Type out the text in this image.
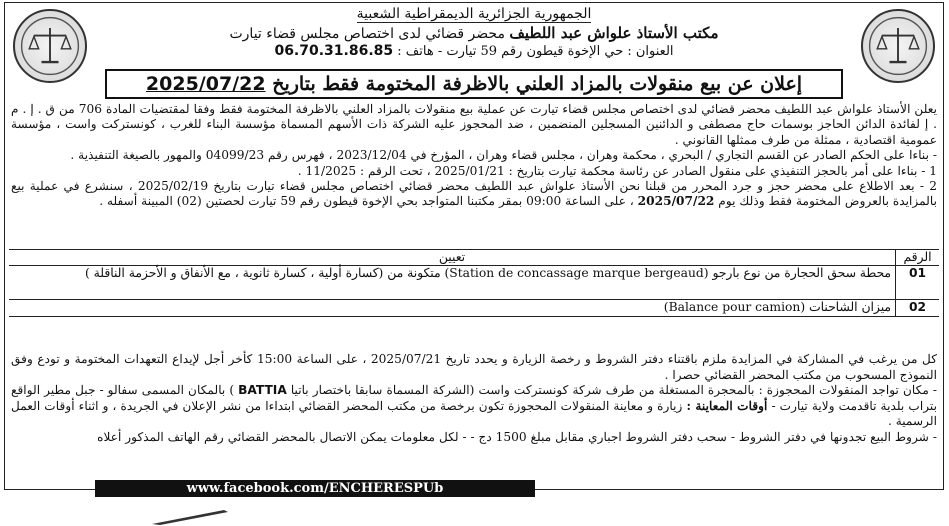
الجمهورية الجزائرية الديمقراطية الشعبية
مكتب الأستاذ علواش عبد اللطيف محضر قضائي لدى اختصاص مجلس قضاء تيارت
العنوان : حي الإخوة قيطون رقم 59 تيارت - هاتف : 06.70.31.86.85
إعلان عن بيع منقولات بالمزاد العلني بالاظرفة المختومة فقط بتاريخ 2025/07/22

يعلن الأستاذ علواش عبد اللطيف محضر قضائي لدى اختصاص مجلس قضاء تيارت عن عملية بيع منقولات بالمزاد العلني بالاظرفة المختومة فقط وفقا لمقتضيات المادة 706 من ق . إ . م . إ لفائدة الدائن الحاجز بوسمات حاج مصطفى و الدائنين المسجلين المنضمين ، ضد المحجوز عليه الشركة ذات الأسهم المسماة مؤسسة البناء للغرب ، كونستركت واست ، مؤسسة عمومية اقتصادية ، ممثلة من طرف ممثلها القانوني .

- بناءا على الحكم الصادر عن القسم التجاري / البحري ، محكمة وهران ، مجلس قضاء وهران ، المؤرخ في 2023/12/04 ، فهرس رقم 04099/23 والمهور بالصيغة التنفيذية .

1 - بناءا على أمر بالحجز التنفيذي على منقول الصادر عن رئاسة محكمة تيارت بتاريخ : 2025/01/21 ، تحت الرقم : 11/2025 .

2 - بعد الاطلاع على محضر حجز و جرد المحرر من قبلنا نحن الأستاذ علواش عبد اللطيف محضر قضائي اختصاص مجلس قضاء تيارت بتاريخ 2025/02/19 ، سنشرع في عملية بيع بالمزايدة بالعروض المختومة فقط وذلك يوم 2025/07/22 ، على الساعة 09:00 بمقر مكتبنا المتواجد بحي الإخوة قيطون رقم 59 تيارت لحصتين (02) المبينة أسفله .

الرقم
تعيين
01
محطة سحق الحجارة من نوع بارجو (Station de concassage marque bergeaud) متكونة من (كسارة أولية ، كسارة ثانوية ، مع الأنفاق و الأحزمة الناقلة )
02
ميزان الشاحنات (Balance pour camion)

كل من يرغب في المشاركة في المزايدة ملزم باقتناء دفتر الشروط و رخصة الزيارة و يحدد تاريخ 2025/07/21 ، على الساعة 15:00 كأخر أجل لإيداع التعهدات المختومة و تودع وفق النموذج المسحوب من مكتب المحضر القضائي حصرا .

- مكان تواجد المنقولات المحجوزة : بالمحجرة المستغلة من طرف شركة كونسترکت واست (الشركة المسماة سابقا باختصار باتيا BATTIA ) بالمكان المسمى سفالو - جبل مطير الواقع بتراب بلدية تاقدمت ولاية تيارت - أوقات المعاينة : زيارة و معاينة المنقولات المحجوزة تكون برخصة من مكتب المحضر القضائي ابتداءا من نشر الإعلان في الجريدة ، و اثناء أوقات العمل الرسمية .

- شروط البيع تجدونها في دفتر الشروط - سحب دفتر الشروط اجباري مقابل مبلغ 1500 دج - - لكل معلومات يمكن الاتصال بالمحضر القضائي رقم الهاتف المذكور أعلاه

www.facebook.com/ENCHERESPUb
